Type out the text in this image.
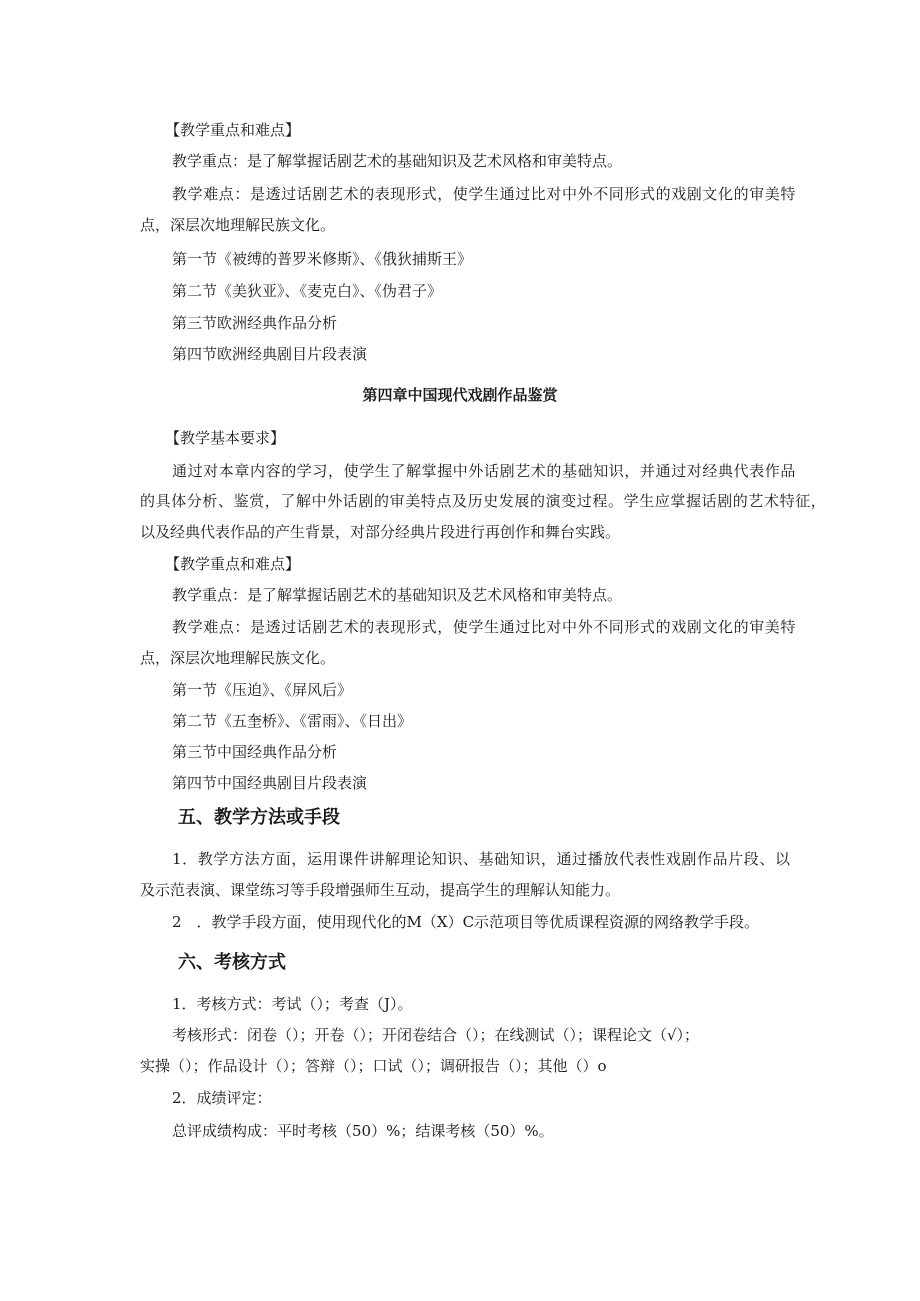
【教学重点和难点】

教学重点：是了解掌握话剧艺术的基础知识及艺术风格和审美特点。

教学难点：是透过话剧艺术的表现形式，使学生通过比对中外不同形式的戏剧文化的审美特

点，深层次地理解民族文化。

第一节《被缚的普罗米修斯》、《俄狄捕斯王》

第二节《美狄亚》、《麦克白》、《伪君子》

第三节欧洲经典作品分析

第四节欧洲经典剧目片段表演

第四章中国现代戏剧作品鉴赏

【教学基本要求】

通过对本章内容的学习，使学生了解掌握中外话剧艺术的基础知识，并通过对经典代表作品

的具体分析、鉴赏，了解中外话剧的审美特点及历史发展的演变过程。学生应掌握话剧的艺术特征，

以及经典代表作品的产生背景，对部分经典片段进行再创作和舞台实践。

【教学重点和难点】

教学重点：是了解掌握话剧艺术的基础知识及艺术风格和审美特点。

教学难点：是透过话剧艺术的表现形式，使学生通过比对中外不同形式的戏剧文化的审美特

点，深层次地理解民族文化。

第一节《压迫》、《屏风后》

第二节《五奎桥》、《雷雨》、《日出》

第三节中国经典作品分析

第四节中国经典剧目片段表演

五、教学方法或手段

1．教学方法方面，运用课件讲解理论知识、基础知识，通过播放代表性戏剧作品片段、以

及示范表演、课堂练习等手段增强师生互动，提高学生的理解认知能力。

2　．教学手段方面，使用现代化的M（X）C示范项目等优质课程资源的网络教学手段。

六、考核方式

1．考核方式：考试（）；考查（J）。

考核形式：闭卷（）；开卷（）；开闭卷结合（）；在线测试（）；课程论文（√）；

实操（）；作品设计（）；答辩（）；口试（）；调研报告（）；其他（）o

2．成绩评定：

总评成绩构成：平时考核（50）%；结课考核（50）%。
